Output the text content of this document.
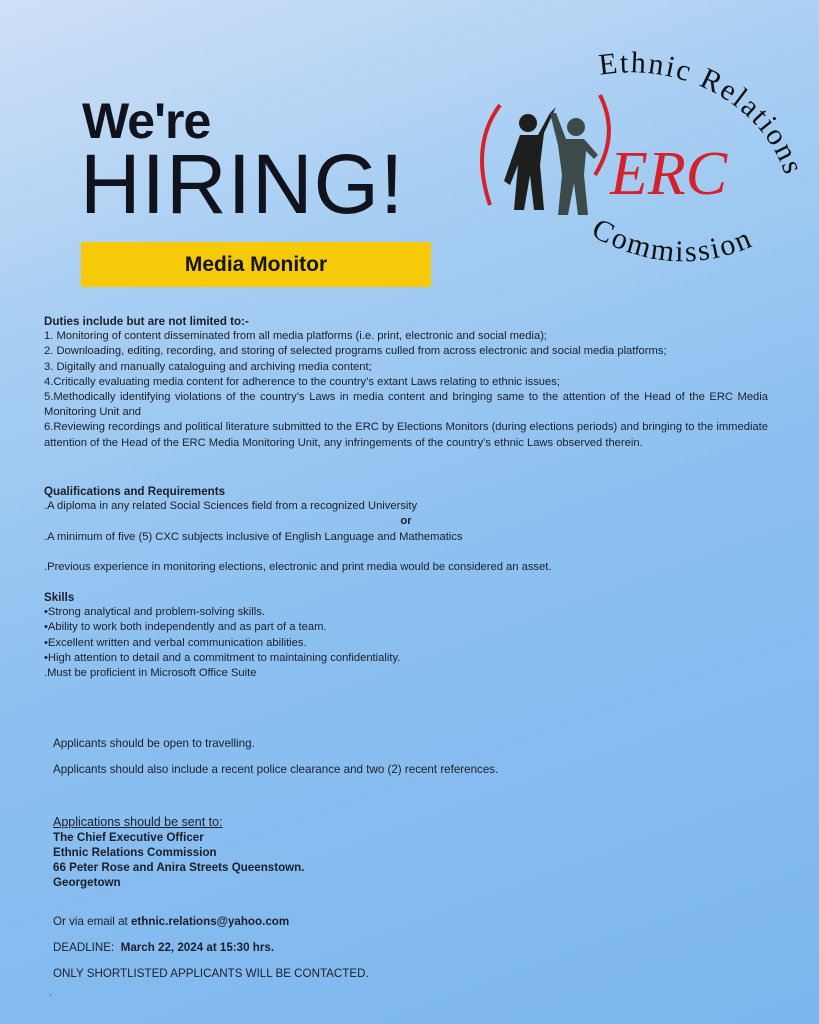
We're
HIRING!
Media Monitor
Ethnic Relations
Commission
ERC
Duties include but are not limited to:-
1. Monitoring of content disseminated from all media platforms (i.e. print, electronic and social media);
2. Downloading, editing, recording, and storing of selected programs culled from across electronic and social media platforms;
3. Digitally and manually cataloguing and archiving media content;
4.Critically evaluating media content for adherence to the country’s extant Laws relating to ethnic issues;
5.Methodically identifying violations of the country’s Laws in media content and bringing same to the attention of the Head of the ERC Media Monitoring Unit and
6.Reviewing recordings and political literature submitted to the ERC by Elections Monitors (during elections periods) and bringing to the immediate attention of the Head of the ERC Media Monitoring Unit, any infringements of the country’s ethnic Laws observed therein.
Qualifications and Requirements
.A diploma in any related Social Sciences field from a recognized University
or
.A minimum of five (5) CXC subjects inclusive of English Language and Mathematics
.Previous experience in monitoring elections, electronic and print media would be considered an asset.
Skills
•Strong analytical and problem-solving skills.
•Ability to work both independently and as part of a team.
•Excellent written and verbal communication abilities.
•High attention to detail and a commitment to maintaining confidentiality.
.Must be proficient in Microsoft Office Suite

Applicants should be open to travelling.

Applicants should also include a recent police clearance and two (2) recent references.

Applications should be sent to:

The Chief Executive Officer
Ethnic Relations Commission
66 Peter Rose and Anira Streets Queenstown.
Georgetown

Or via email at ethnic.relations@yahoo.com

DEADLINE:  March 22, 2024 at 15:30 hrs.

ONLY SHORTLISTED APPLICANTS WILL BE CONTACTED.

`
